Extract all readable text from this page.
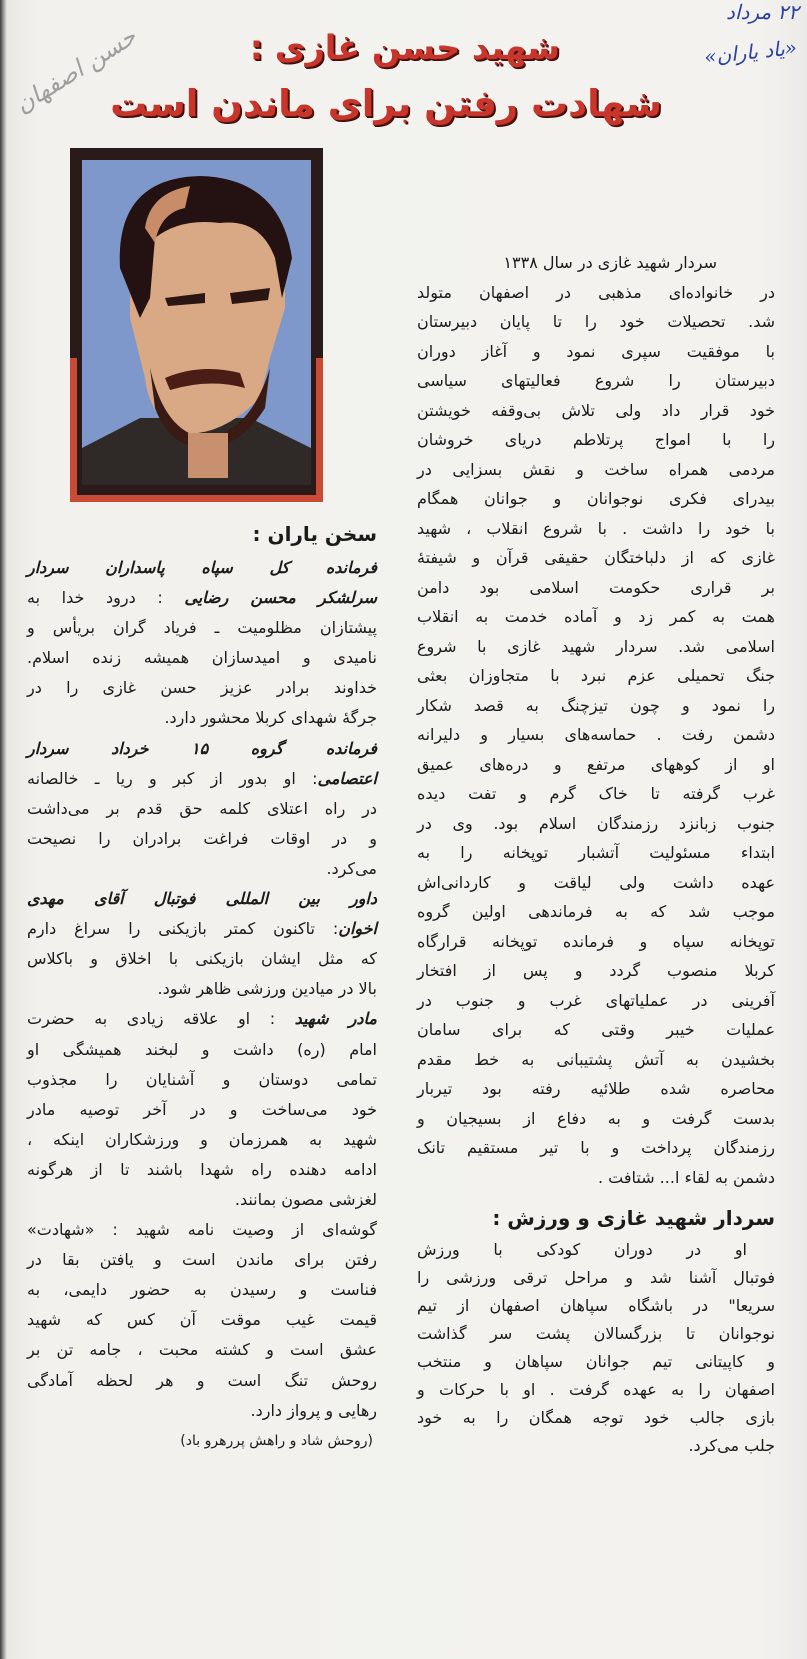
حسن اصفهان
۲۲ مرداد
«یاد یاران»
شهید حسن غازی :
شهادت رفتن برای ماندن است
سردار شهید غازی در سال ۱۳۳۸
در خانواده‌ای مذهبی در اصفهان متولد
شد. تحصیلات خود را تا پایان دبیرستان
با موفقیت سپری نمود و آغاز دوران
دبیرستان را شروع فعالیتهای سیاسی
خود قرار داد ولی تلاش بی‌وقفه خویشتن
را با امواج پرتلاطم دریای خروشان
مردمی همراه ساخت و نقش بسزایی در
بیدرای فکری نوجوانان و جوانان همگام
با خود را داشت . با شروع انقلاب ، شهید
غازی که از دلباختگان حقیقی قرآن و شیفتهٔ
بر قراری حکومت اسلامی بود دامن
همت به کمر زد و آماده خدمت به انقلاب
اسلامی شد. سردار شهید غازی با شروع
جنگ تحمیلی عزم نبرد با متجاوزان بعثی
را نمود و چون تیزچنگ به قصد شکار
دشمن رفت . حماسه‌های بسیار و دلیرانه
او از کوههای مرتفع و دره‌های عمیق
غرب گرفته تا خاک گرم و تفت دیده
جنوب زبانزد رزمندگان اسلام بود. وی در
ابتداء مسئولیت آتشبار توپخانه را به
عهده داشت ولی لیاقت و کاردانی‌اش
موجب شد که به فرماندهی اولین گروه
توپخانه سپاه و فرمانده توپخانه قرارگاه
کربلا منصوب گردد و پس از افتخار
آفرینی در عملیاتهای غرب و جنوب در
عملیات خیبر وقتی که برای سامان
بخشیدن به آتش پشتیبانی به خط مقدم
محاصره شده طلائیه رفته بود تیربار
بدست گرفت و به دفاع از بسیجیان و
رزمندگان پرداخت و با تیر مستقیم تانک
دشمن به لقاء ا... شتافت .
سردار شهید غازی و ورزش :
او در دوران کودکی با ورزش
فوتبال آشنا شد و مراحل ترقی ورزشی را
سریعا" در باشگاه سپاهان اصفهان از تیم
نوجوانان تا بزرگسالان پشت سر گذاشت
و کاپیتانی تیم جوانان سپاهان و منتخب
اصفهان را به عهده گرفت . او با حرکات و
بازی جالب خود توجه همگان را به خود
جلب می‌کرد.
سخن یاران :
فرمانده کل سپاه پاسداران سردار
سرلشکر محسن رضایی : درود خدا به
پیشتازان مظلومیت ـ فریاد گران بریأس و
نامیدی و امیدسازان همیشه زنده اسلام.
خداوند برادر عزیز حسن غازی را در
جرگهٔ شهدای کربلا محشور دارد.
فرمانده گروه ۱۵ خرداد سردار
اعتصامی: او بدور از کبر و ریا ـ خالصانه
در راه اعتلای کلمه حق قدم بر می‌داشت
و در اوقات فراغت برادران را نصیحت
می‌کرد.
داور بین المللی فوتبال آقای مهدی
اخوان: تاکنون کمتر بازیکنی را سراغ دارم
که مثل ایشان بازیکنی با اخلاق و باکلاس
بالا در میادین ورزشی ظاهر شود.
مادر شهید : او علاقه زیادی به حضرت
امام (ره) داشت و لبخند همیشگی او
تمامی دوستان و آشنایان را مجذوب
خود می‌ساخت و در آخر توصیه مادر
شهید به همرزمان و ورزشکاران اینکه ،
ادامه دهنده راه شهدا باشند تا از هرگونه
لغزشی مصون بمانند.
گوشه‌ای از وصیت نامه شهید : «شهادت»
رفتن برای ماندن است و یافتن بقا در
فناست و رسیدن به حضور دایمی، به
قیمت غیب موقت آن کس که شهید
عشق است و کشته محبت ، جامه تن بر
روحش تنگ است و هر لحظه آمادگی
رهایی و پرواز دارد.
(روحش شاد و راهش پررهرو باد)
